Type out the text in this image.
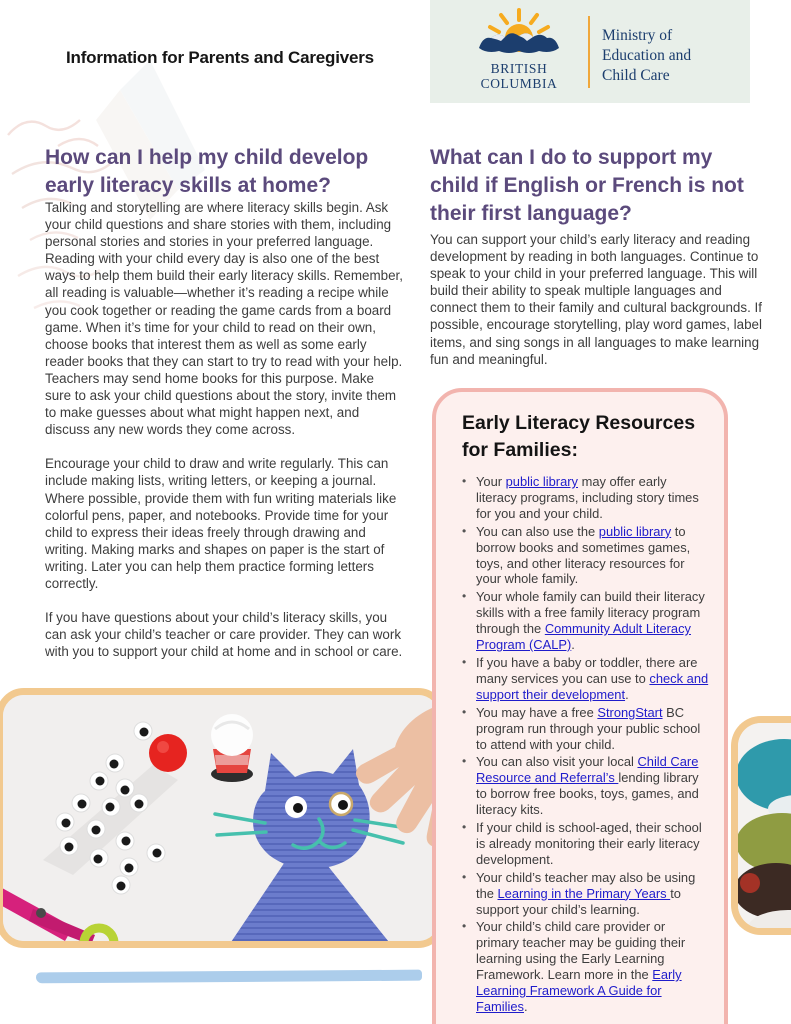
Information for Parents and Caregivers
BRITISH
COLUMBIA
Ministry of
Education and
Child Care
How can I help my child develop early literacy skills at home?

Talking and storytelling are where literacy skills begin. Ask your child questions and share stories with them, including personal stories and stories in your preferred language. Reading with your child every day is also one of the best ways to help them build their early literacy skills. Remember, all reading is valuable—whether it’s reading a recipe while you cook together or reading the game cards from a board game. When it’s time for your child to read on their own, choose books that interest them as well as some early reader books that they can start to try to read with your help. Teachers may send home books for this purpose. Make sure to ask your child questions about the story, invite them to make guesses about what might happen next, and discuss any new words they come across.

Encourage your child to draw and write regularly. This can include making lists, writing letters, or keeping a journal. Where possible, provide them with fun writing materials like colorful pens, paper, and notebooks. Provide time for your child to express their ideas freely through drawing and writing. Making marks and shapes on paper is the start of writing. Later you can help them practice forming letters correctly.

If you have questions about your child’s literacy skills, you can ask your child’s teacher or care provider. They can work with you to support your child at home and in school or care.

What can I do to support my child if English or French is not their first language?

You can support your child’s early literacy and reading development by reading in both languages. Continue to speak to your child in your preferred language. This will build their ability to speak multiple languages and connect them to their family and cultural backgrounds. If possible, encourage storytelling, play word games, label items, and sing songs in all languages to make learning fun and meaningful.

Early Literacy Resources for Families:
• Your public library may offer early literacy programs, including story times for you and your child.
• You can also use the public library to borrow books and sometimes games, toys, and other literacy resources for your whole family.
• Your whole family can build their literacy skills with a free family literacy program through the Community Adult Literacy Program (CALP).
• If you have a baby or toddler, there are many services you can use to check and support their development.
• You may have a free StrongStart BC program run through your public school to attend with your child.
• You can also visit your local Child Care Resource and Referral’s lending library to borrow free books, toys, games, and literacy kits.
• If your child is school-aged, their school is already monitoring their early literacy development.
• Your child’s teacher may also be using the Learning in the Primary Years to support your child’s learning.
• Your child’s child care provider or primary teacher may be guiding their learning using the Early Learning Framework. Learn more in the Early Learning Framework A Guide for Families.
